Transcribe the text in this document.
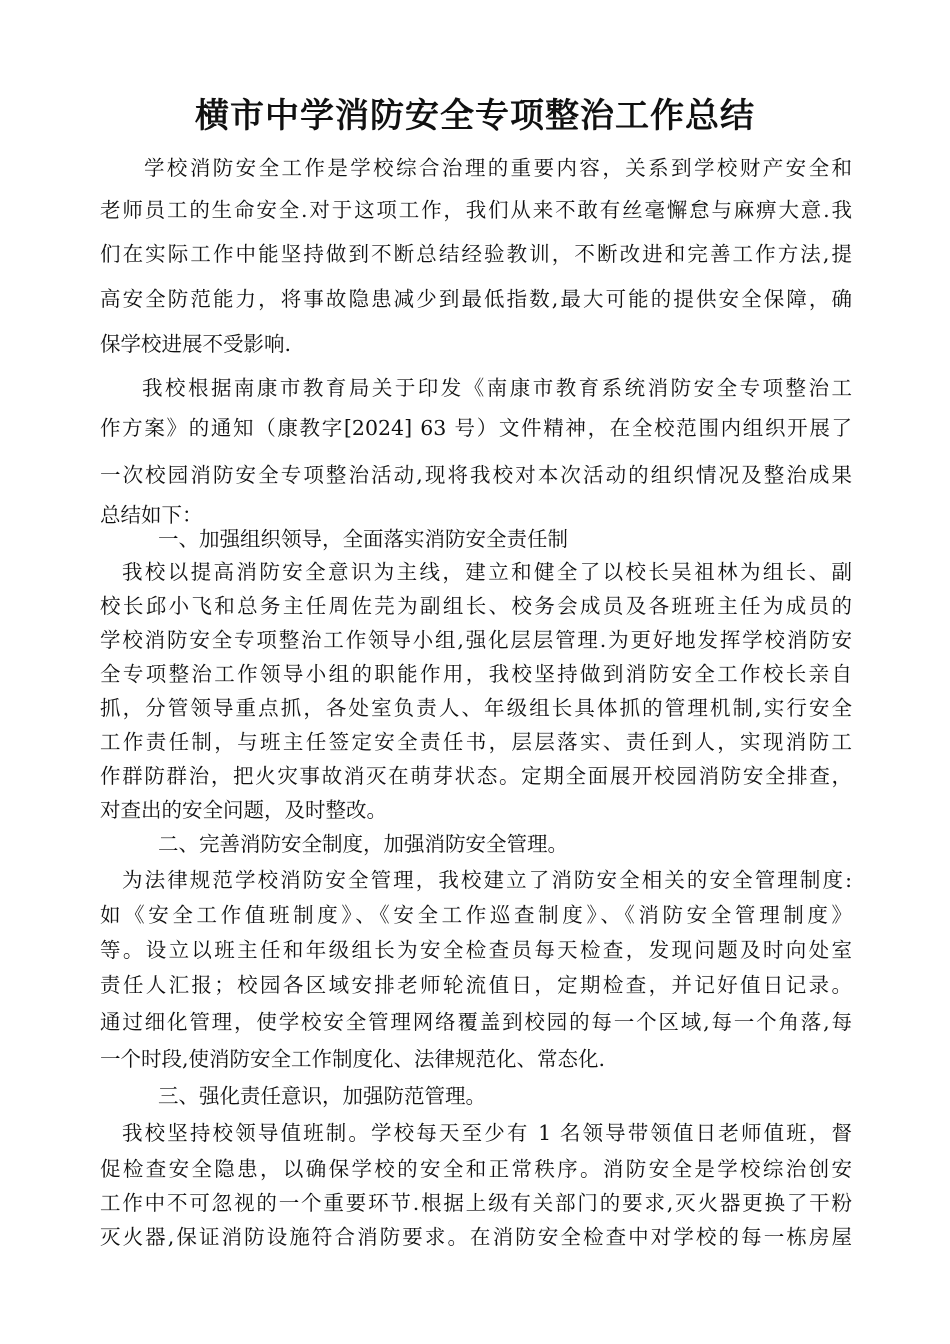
横市中学消防安全专项整治工作总结
学校消防安全工作是学校综合治理的重要内容，关系到学校财产安全和
老师员工的生命安全.对于这项工作，我们从来不敢有丝毫懈怠与麻痹大意.我
们在实际工作中能坚持做到不断总结经验教训，不断改进和完善工作方法,提
高安全防范能力，将事故隐患减少到最低指数,最大可能的提供安全保障，确
保学校进展不受影响.
我校根据南康市教育局关于印发《南康市教育系统消防安全专项整治工
作方案》的通知（康教字[2024] 63 号）文件精神，在全校范围内组织开展了
一次校园消防安全专项整治活动,现将我校对本次活动的组织情况及整治成果
总结如下：
一、加强组织领导，全面落实消防安全责任制
我校以提高消防安全意识为主线，建立和健全了以校长吴祖林为组长、副
校长邱小飞和总务主任周佐芫为副组长、校务会成员及各班班主任为成员的
学校消防安全专项整治工作领导小组,强化层层管理.为更好地发挥学校消防安
全专项整治工作领导小组的职能作用，我校坚持做到消防安全工作校长亲自
抓，分管领导重点抓，各处室负责人、年级组长具体抓的管理机制,实行安全
工作责任制，与班主任签定安全责任书，层层落实、责任到人，实现消防工
作群防群治，把火灾事故消灭在萌芽状态。定期全面展开校园消防安全排查，
对查出的安全问题，及时整改。
二、完善消防安全制度，加强消防安全管理。
为法律规范学校消防安全管理，我校建立了消防安全相关的安全管理制度:
如《安全工作值班制度》、《安全工作巡查制度》、《消防安全管理制度》
等。设立以班主任和年级组长为安全检查员每天检查，发现问题及时向处室
责任人汇报；校园各区域安排老师轮流值日，定期检查，并记好值日记录。
通过细化管理，使学校安全管理网络覆盖到校园的每一个区域,每一个角落,每
一个时段,使消防安全工作制度化、法律规范化、常态化.
三、强化责任意识，加强防范管理。
我校坚持校领导值班制。学校每天至少有 1 名领导带领值日老师值班，督
促检查安全隐患，以确保学校的安全和正常秩序。消防安全是学校综治创安
工作中不可忽视的一个重要环节.根据上级有关部门的要求,灭火器更换了干粉
灭火器,保证消防设施符合消防要求。在消防安全检查中对学校的每一栋房屋
